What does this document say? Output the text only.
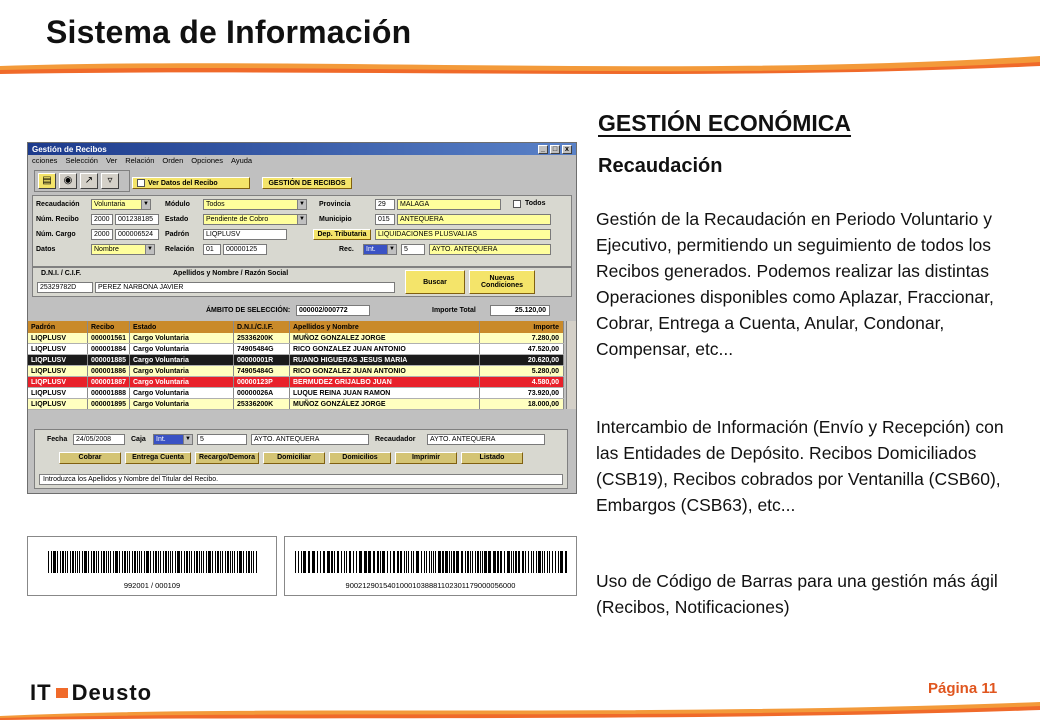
Sistema de Información
Gestión de Recibos	_	□	x
cciones Selección Ver Relación Orden Opciones Ayuda
▤	◉	↗	▿	Ver Datos del Recibo	GESTIÓN DE RECIBOS
Recaudación	Voluntaria	▼ Módulo	Todos	▼ Provincia	29	MALAGA	Todos
Núm. Recibo	2000	001238185	Estado	Pendiente de Cobro	▼ Municipio	015	ANTEQUERA
Núm. Cargo	2000	000006524	Padrón	LIQPLUSV	Dep. Tributaria	LIQUIDACIONES PLUSVALIAS
Datos	Nombre	▼ Relación	01	00000125	Rec.	Int.	▼	5	AYTO. ANTEQUERA
D.N.I. / C.I.F.	Apellidos y Nombre / Razón Social
25329782D	PEREZ NARBONA JAVIER
Buscar	Nuevas Condiciones
ÁMBITO DE SELECCIÓN:	000002/000772	Importe Total	25.120,00
Padrón	Recibo	Estado	D.N.I./C.I.F.	Apellidos y Nombre	Importe
LIQPLUSV	000001561 Cargo Voluntaria	25336200K	MUÑOZ GONZALEZ JORGE	7.280,00
LIQPLUSV	000001884 Cargo Voluntaria	74905484G	RICO GONZALEZ JUAN ANTONIO	47.520,00
LIQPLUSV	000001885 Cargo Voluntaria	00000001R	RUANO HIGUERAS JESUS MARIA	20.620,00
LIQPLUSV	000001886 Cargo Voluntaria	74905484G	RICO GONZALEZ JUAN ANTONIO	5.280,00
LIQPLUSV	000001887 Cargo Voluntaria	00000123P	BERMUDEZ GRIJALBO JUAN	4.580,00
LIQPLUSV	000001888 Cargo Voluntaria	00000026A	LUQUE REINA JUAN RAMON	73.920,00
LIQPLUSV	000001895 Cargo Voluntaria	25336200K	MUÑOZ GONZÁLEZ JORGE	18.000,00
Fecha	24/05/2008	Caja	Int.	▼	5	AYTO. ANTEQUERA	Recaudador	AYTO. ANTEQUERA
Cobrar	Entrega Cuenta	Recargo/Demora	Domiciliar	Domicilios	Imprimir	Listado
Introduzca los Apellidos y Nombre del Titular del Recibo.
992001 / 000109	90021290154010001038881102301179000056000
GESTIÓN ECONÓMICA
Recaudación
Gestión de la Recaudación en Periodo Voluntario y Ejecutivo, permitiendo un seguimiento de todos los Recibos generados. Podemos realizar las distintas Operaciones disponibles como Aplazar, Fraccionar, Cobrar, Entrega a Cuenta, Anular, Condonar, Compensar, etc...
Intercambio de Información (Envío y Recepción) con las Entidades de Depósito. Recibos Domiciliados (CSB19), Recibos cobrados por Ventanilla (CSB60), Embargos (CSB63), etc...
Uso de Código de Barras para una gestión más ágil (Recibos, Notificaciones)
IT Deusto	Página 11
